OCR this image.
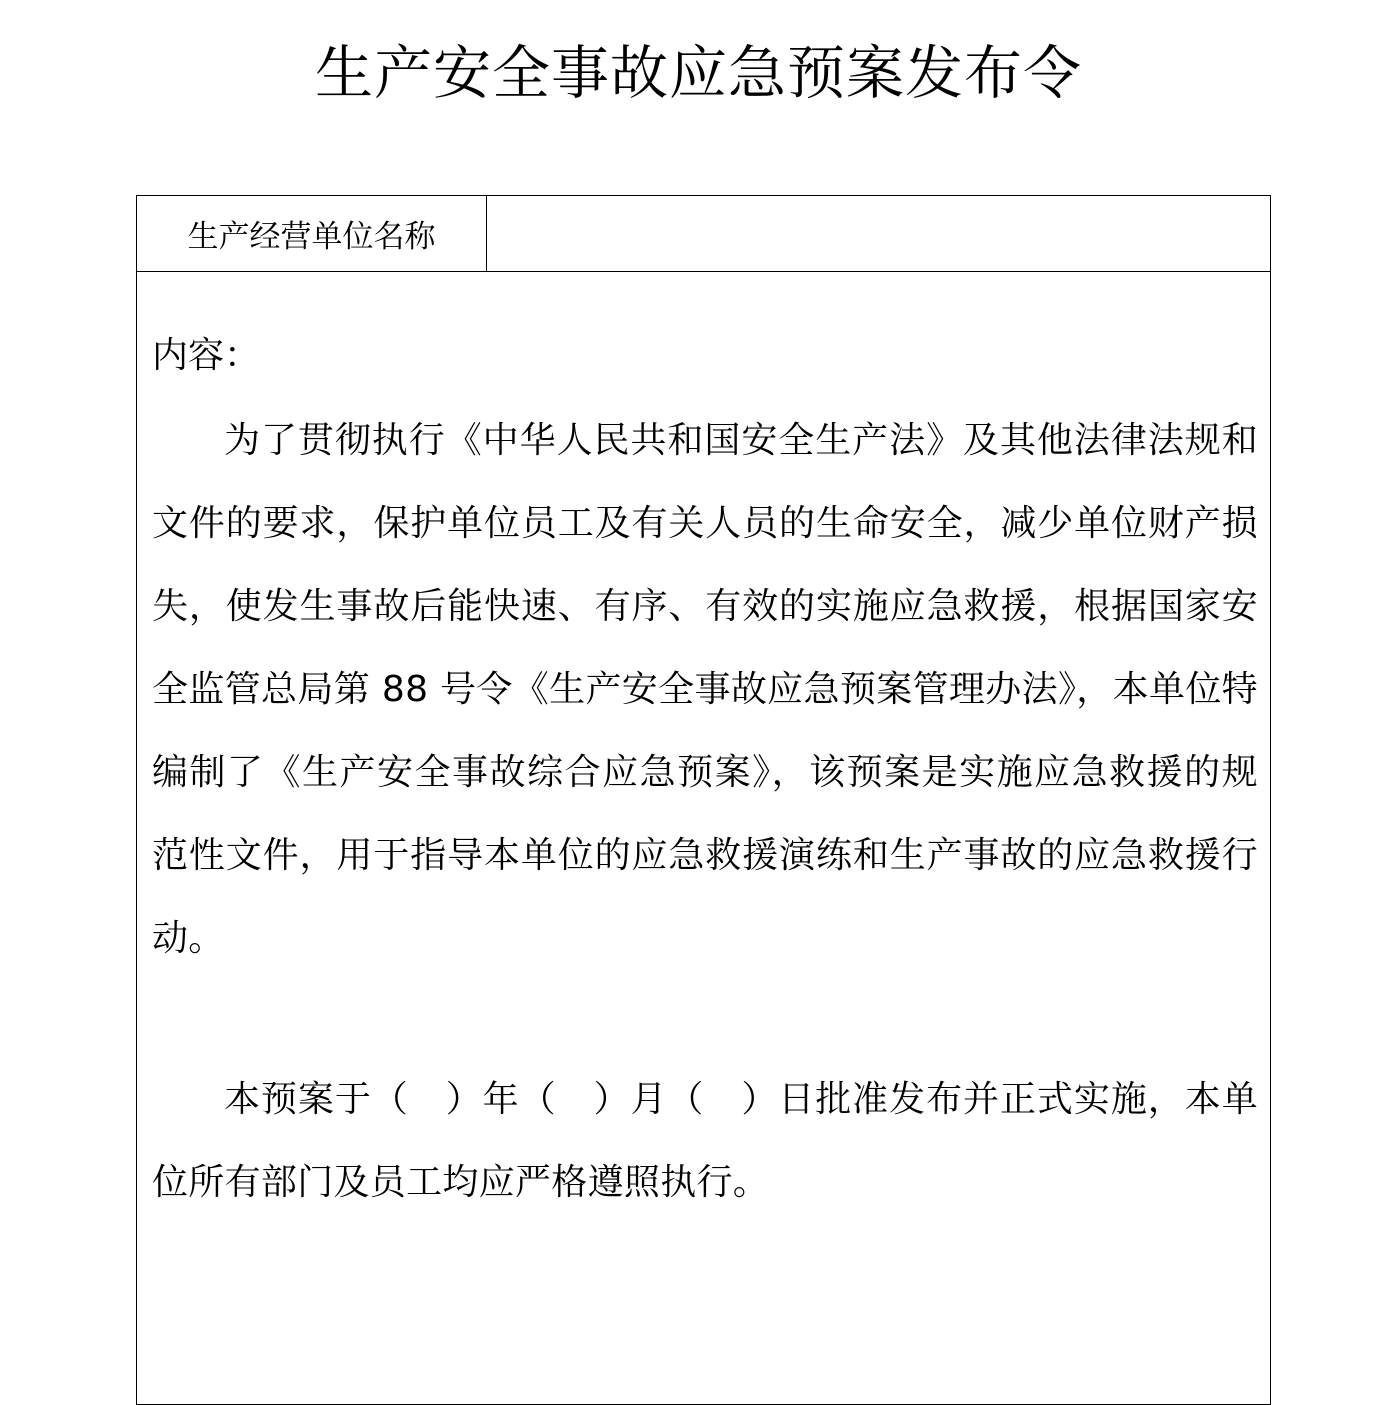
生产安全事故应急预案发布令
生产经营单位名称
内容：
为了贯彻执行《中华人民共和国安全生产法》及其他法律法规和文件的要求，保护单位员工及有关人员的生命安全，减少单位财产损失，使发生事故后能快速、有序、有效的实施应急救援，根据国家安全监管总局第 88 号令《生产安全事故应急预案管理办法》，本单位特编制了《生产安全事故综合应急预案》，该预案是实施应急救援的规范性文件，用于指导本单位的应急救援演练和生产事故的应急救援行动。
本预案于（　）年（　）月（　）日批准发布并正式实施，本单位所有部门及员工均应严格遵照执行。
